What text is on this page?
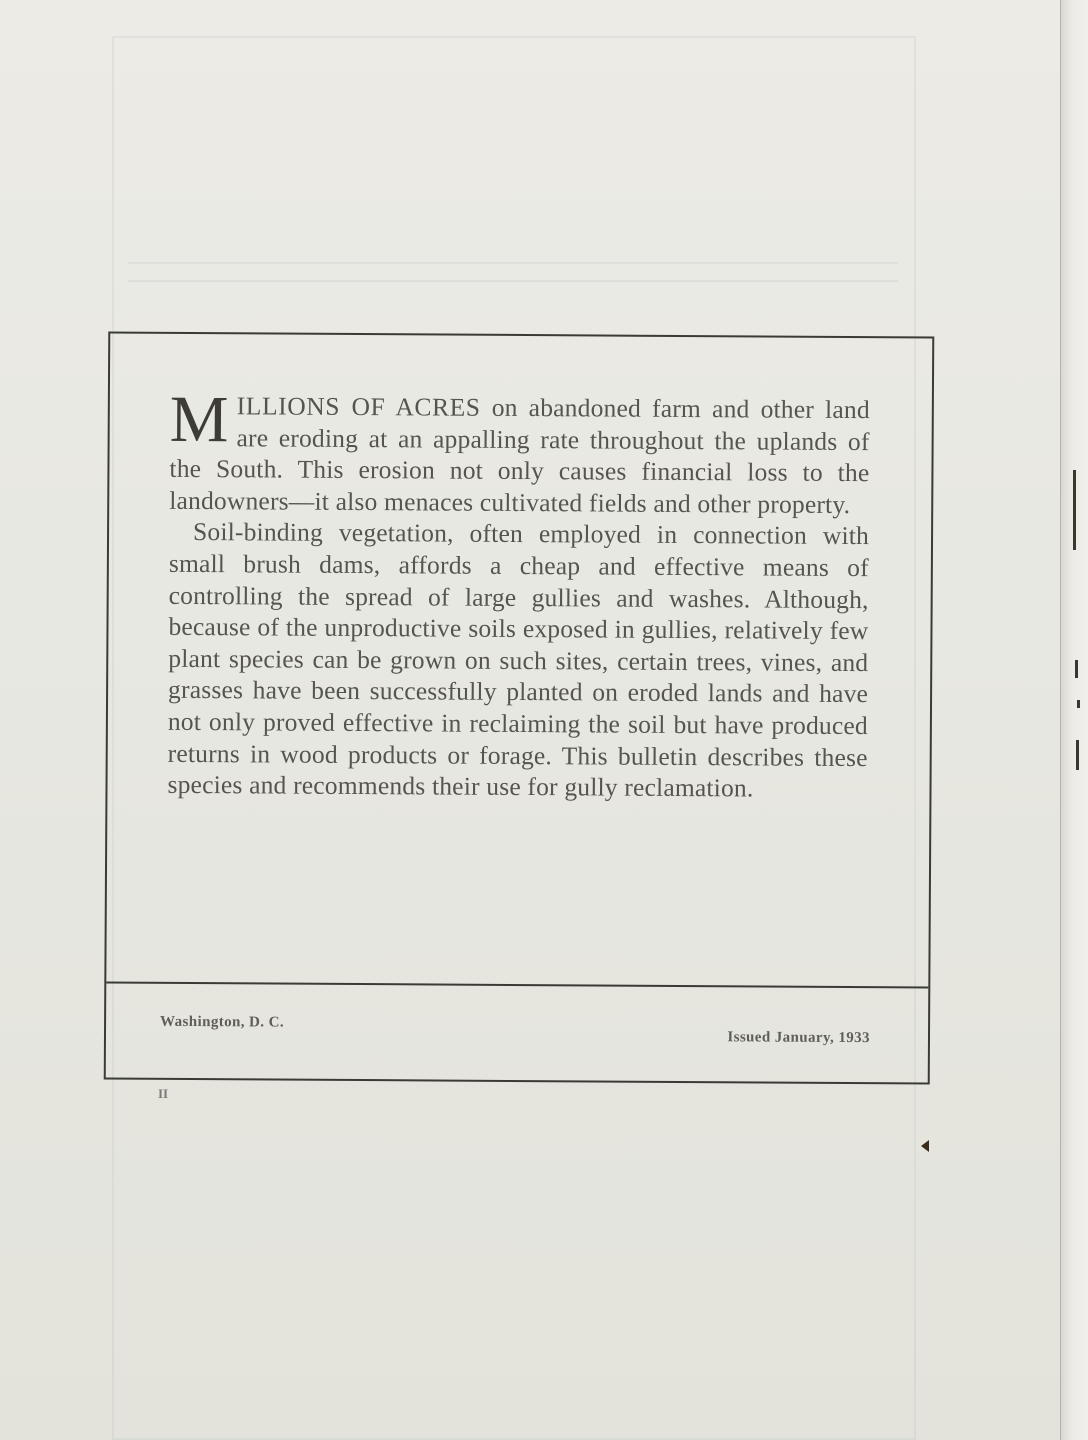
MILLIONS OF ACRES on abandoned farm and other land are eroding at an appalling rate throughout the uplands of the South. This erosion not only causes financial loss to the landowners—it also menaces cultivated fields and other property.

Soil-binding vegetation, often employed in connection with small brush dams, affords a cheap and effective means of controlling the spread of large gullies and washes. Although, because of the unproductive soils exposed in gullies, relatively few plant species can be grown on such sites, certain trees, vines, and grasses have been successfully planted on eroded lands and have not only proved effective in reclaiming the soil but have produced returns in wood products or forage. This bulletin describes these species and recommends their use for gully reclamation.

Washington, D. C.
Issued January, 1933
II
